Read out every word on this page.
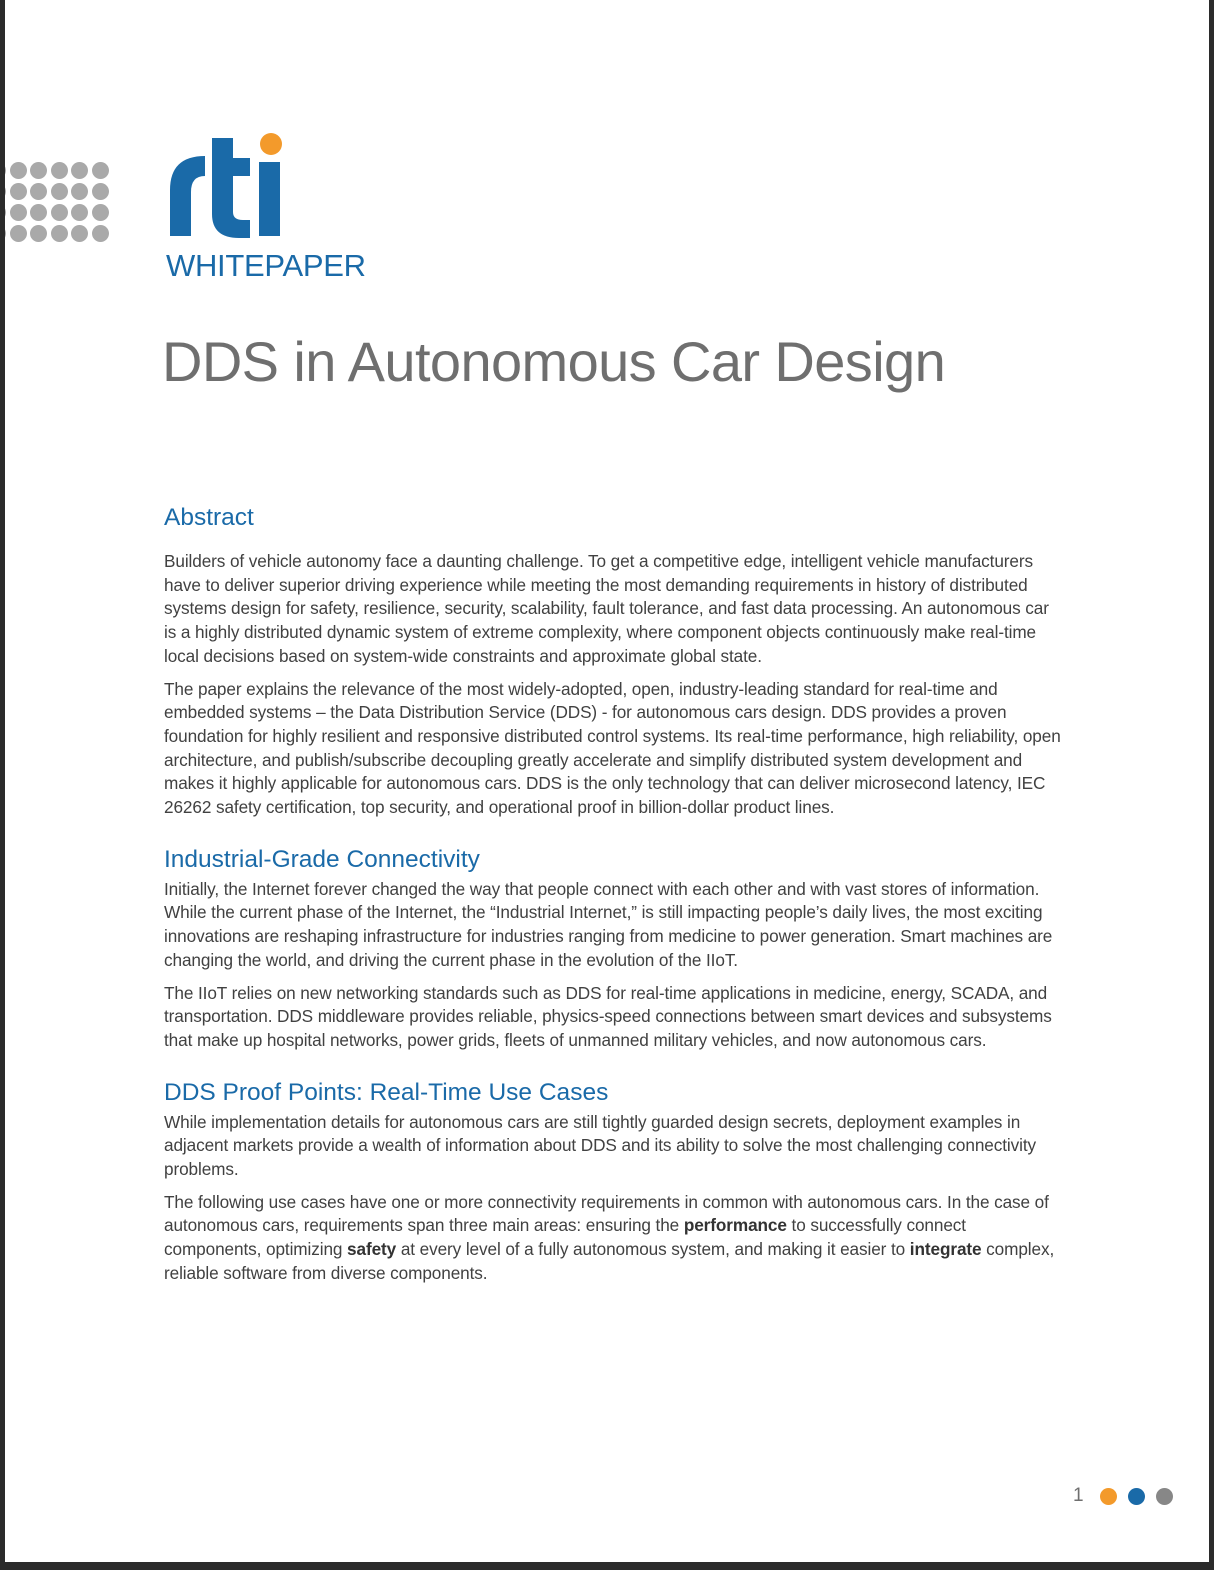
WHITEPAPER
DDS in Autonomous Car Design
Abstract

Builders of vehicle autonomy face a daunting challenge. To get a competitive edge, intelligent vehicle manufacturers have to deliver superior driving experience while meeting the most demanding requirements in history of distributed systems design for safety, resilience, security, scalability, fault tolerance, and fast data processing. An autonomous car is a highly distributed dynamic system of extreme complexity, where component objects continuously make real-time local decisions based on system-wide constraints and approximate global state.

The paper explains the relevance of the most widely-adopted, open, industry-leading standard for real-time and embedded systems – the Data Distribution Service (DDS) - for autonomous cars design. DDS provides a proven foundation for highly resilient and responsive distributed control systems. Its real-time performance, high reliability, open architecture, and publish/subscribe decoupling greatly accelerate and simplify distributed system development and makes it highly applicable for autonomous cars. DDS is the only technology that can deliver microsecond latency, IEC 26262 safety certification, top security, and operational proof in billion-dollar product lines.

Industrial-Grade Connectivity

Initially, the Internet forever changed the way that people connect with each other and with vast stores of information. While the current phase of the Internet, the “Industrial Internet,” is still impacting people’s daily lives, the most exciting innovations are reshaping infrastructure for industries ranging from medicine to power generation. Smart machines are changing the world, and driving the current phase in the evolution of the IIoT.

The IIoT relies on new networking standards such as DDS for real-time applications in medicine, energy, SCADA, and transportation. DDS middleware provides reliable, physics-speed connections between smart devices and subsystems that make up hospital networks, power grids, fleets of unmanned military vehicles, and now autonomous cars.

DDS Proof Points: Real-Time Use Cases

While implementation details for autonomous cars are still tightly guarded design secrets, deployment examples in adjacent markets provide a wealth of information about DDS and its ability to solve the most challenging connectivity problems.

The following use cases have one or more connectivity requirements in common with autonomous cars. In the case of autonomous cars, requirements span three main areas: ensuring the performance to successfully connect components, optimizing safety at every level of a fully autonomous system, and making it easier to integrate complex, reliable software from diverse components.

1
